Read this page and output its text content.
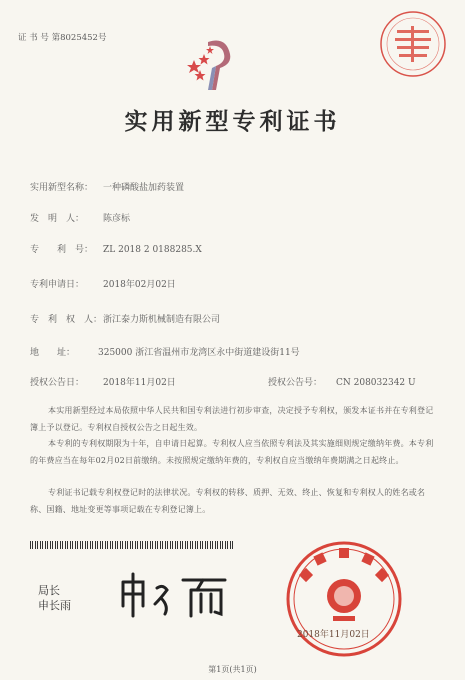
证 书 号 第8025452号
实用新型专利证书
实用新型名称： 一种磷酸盐加药装置
发　明　人： 陈彦标
专　　利　号： ZL 2018 2 0188285.X
专利申请日： 2018年02月02日
专　利　权　人： 浙江泰力斯机械制造有限公司
地　　址：	325000 浙江省温州市龙湾区永中街道建设街11号
授权公告日： 2018年11月02日	授权公告号： CN 208032342 U
本实用新型经过本局依照中华人民共和国专利法进行初步审查，决定授予专利权，颁发本证书并在专利登记簿上予以登记。专利权自授权公告之日起生效。
本专利的专利权期限为十年，自申请日起算。专利权人应当依照专利法及其实施细则规定缴纳年费。本专利的年费应当在每年02月02日前缴纳。未按照规定缴纳年费的，专利权自应当缴纳年费期满之日起终止。
专利证书记载专利权登记时的法律状况。专利权的转移、质押、无效、终止、恢复和专利权人的姓名或名称、国籍、地址变更等事项记载在专利登记簿上。
局长
申长雨
2018年11月02日
第1页(共1页)
